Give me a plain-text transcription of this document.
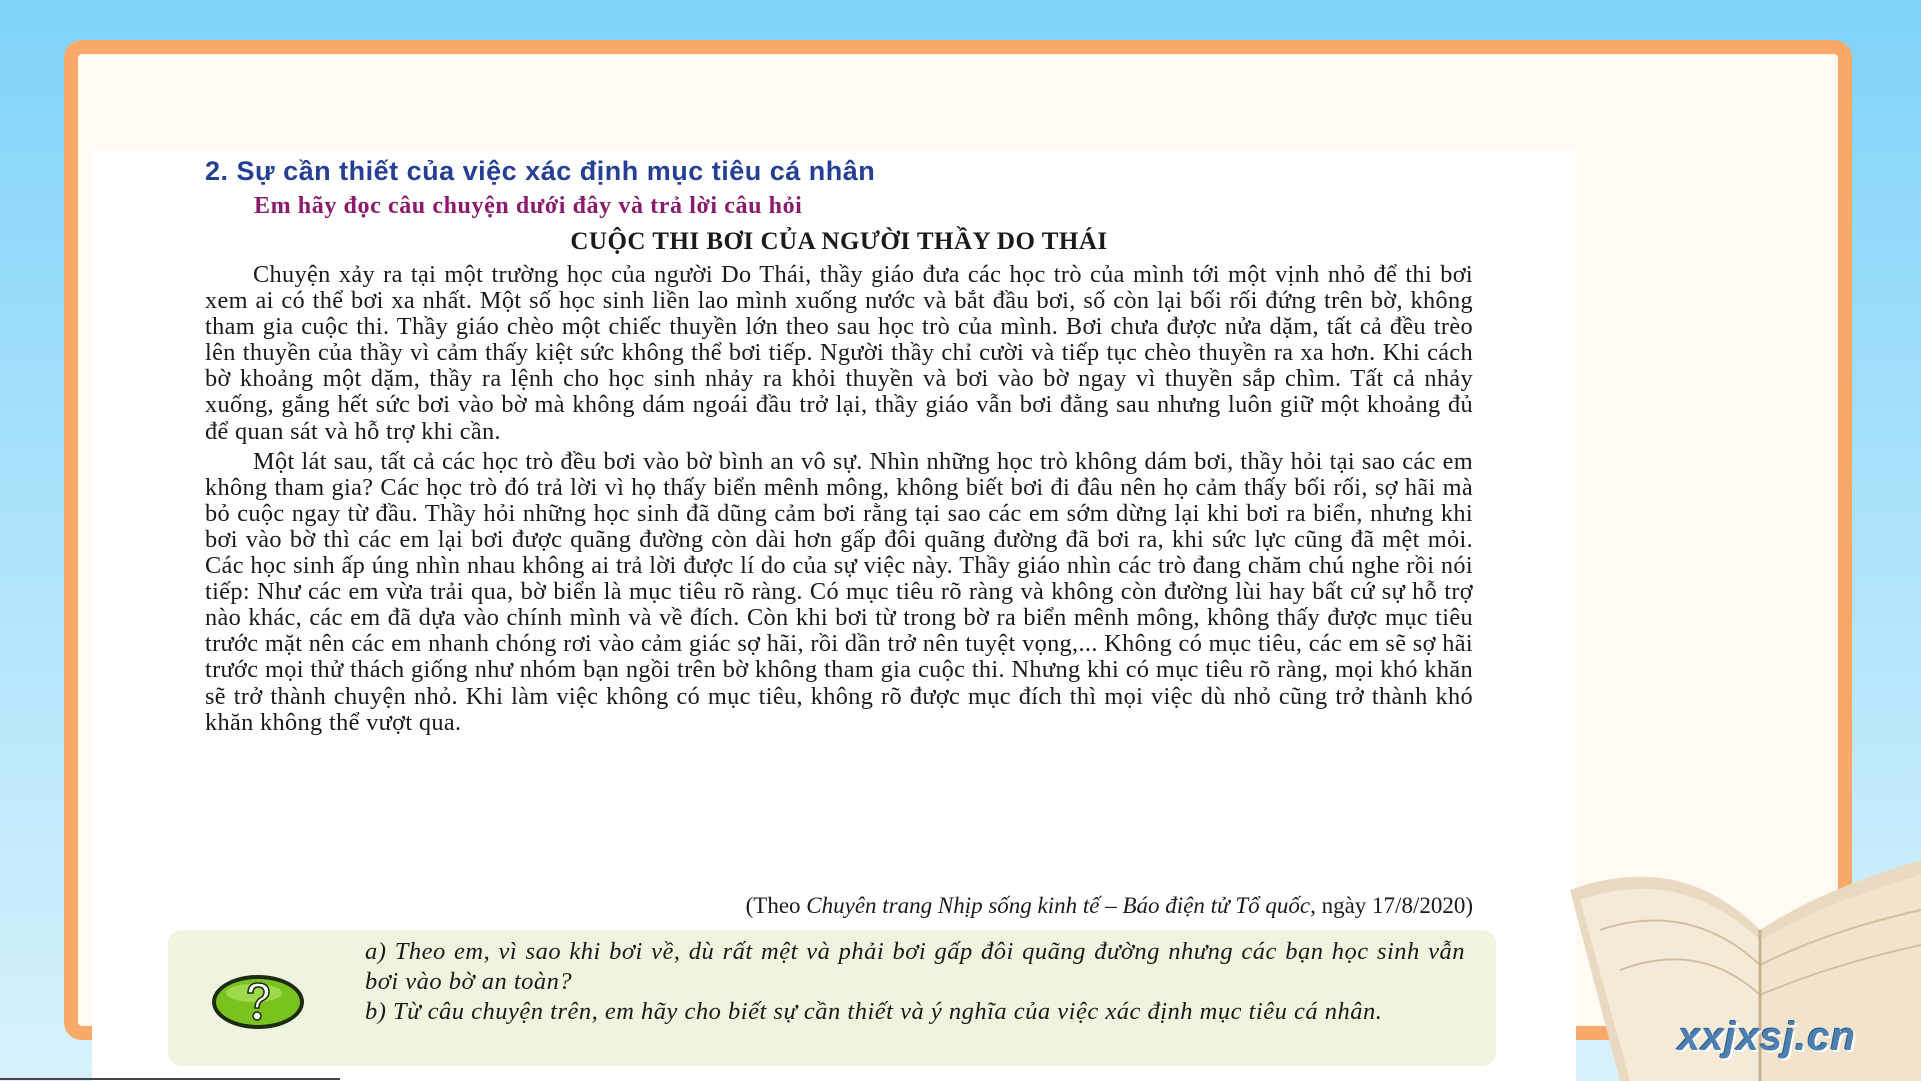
2. Sự cần thiết của việc xác định mục tiêu cá nhân
Em hãy đọc câu chuyện dưới đây và trả lời câu hỏi
CUỘC THI BƠI CỦA NGƯỜI THẦY DO THÁI

Chuyện xảy ra tại một trường học của người Do Thái, thầy giáo đưa các học trò của mình tới một vịnh nhỏ để thi bơi xem ai có thể bơi xa nhất. Một số học sinh liền lao mình xuống nước và bắt đầu bơi, số còn lại bối rối đứng trên bờ, không tham gia cuộc thi. Thầy giáo chèo một chiếc thuyền lớn theo sau học trò của mình. Bơi chưa được nửa dặm, tất cả đều trèo lên thuyền của thầy vì cảm thấy kiệt sức không thể bơi tiếp. Người thầy chỉ cười và tiếp tục chèo thuyền ra xa hơn. Khi cách bờ khoảng một dặm, thầy ra lệnh cho học sinh nhảy ra khỏi thuyền và bơi vào bờ ngay vì thuyền sắp chìm. Tất cả nhảy xuống, gắng hết sức bơi vào bờ mà không dám ngoái đầu trở lại, thầy giáo vẫn bơi đằng sau nhưng luôn giữ một khoảng đủ để quan sát và hỗ trợ khi cần.

Một lát sau, tất cả các học trò đều bơi vào bờ bình an vô sự. Nhìn những học trò không dám bơi, thầy hỏi tại sao các em không tham gia? Các học trò đó trả lời vì họ thấy biển mênh mông, không biết bơi đi đâu nên họ cảm thấy bối rối, sợ hãi mà bỏ cuộc ngay từ đầu. Thầy hỏi những học sinh đã dũng cảm bơi rằng tại sao các em sớm dừng lại khi bơi ra biển, nhưng khi bơi vào bờ thì các em lại bơi được quãng đường còn dài hơn gấp đôi quãng đường đã bơi ra, khi sức lực cũng đã mệt mỏi. Các học sinh ấp úng nhìn nhau không ai trả lời được lí do của sự việc này. Thầy giáo nhìn các trò đang chăm chú nghe rồi nói tiếp: Như các em vừa trải qua, bờ biển là mục tiêu rõ ràng. Có mục tiêu rõ ràng và không còn đường lùi hay bất cứ sự hỗ trợ nào khác, các em đã dựa vào chính mình và về đích. Còn khi bơi từ trong bờ ra biển mênh mông, không thấy được mục tiêu trước mặt nên các em nhanh chóng rơi vào cảm giác sợ hãi, rồi dần trở nên tuyệt vọng,... Không có mục tiêu, các em sẽ sợ hãi trước mọi thử thách giống như nhóm bạn ngồi trên bờ không tham gia cuộc thi. Nhưng khi có mục tiêu rõ ràng, mọi khó khăn sẽ trở thành chuyện nhỏ. Khi làm việc không có mục tiêu, không rõ được mục đích thì mọi việc dù nhỏ cũng trở thành khó khăn không thể vượt qua.

(Theo Chuyên trang Nhịp sống kinh tế – Báo điện tử Tổ quốc, ngày 17/8/2020)

a) Theo em, vì sao khi bơi về, dù rất mệt và phải bơi gấp đôi quãng đường nhưng các bạn học sinh vẫn bơi vào bờ an toàn?

b) Từ câu chuyện trên, em hãy cho biết sự cần thiết và ý nghĩa của việc xác định mục tiêu cá nhân.

xxjxsj.cn
